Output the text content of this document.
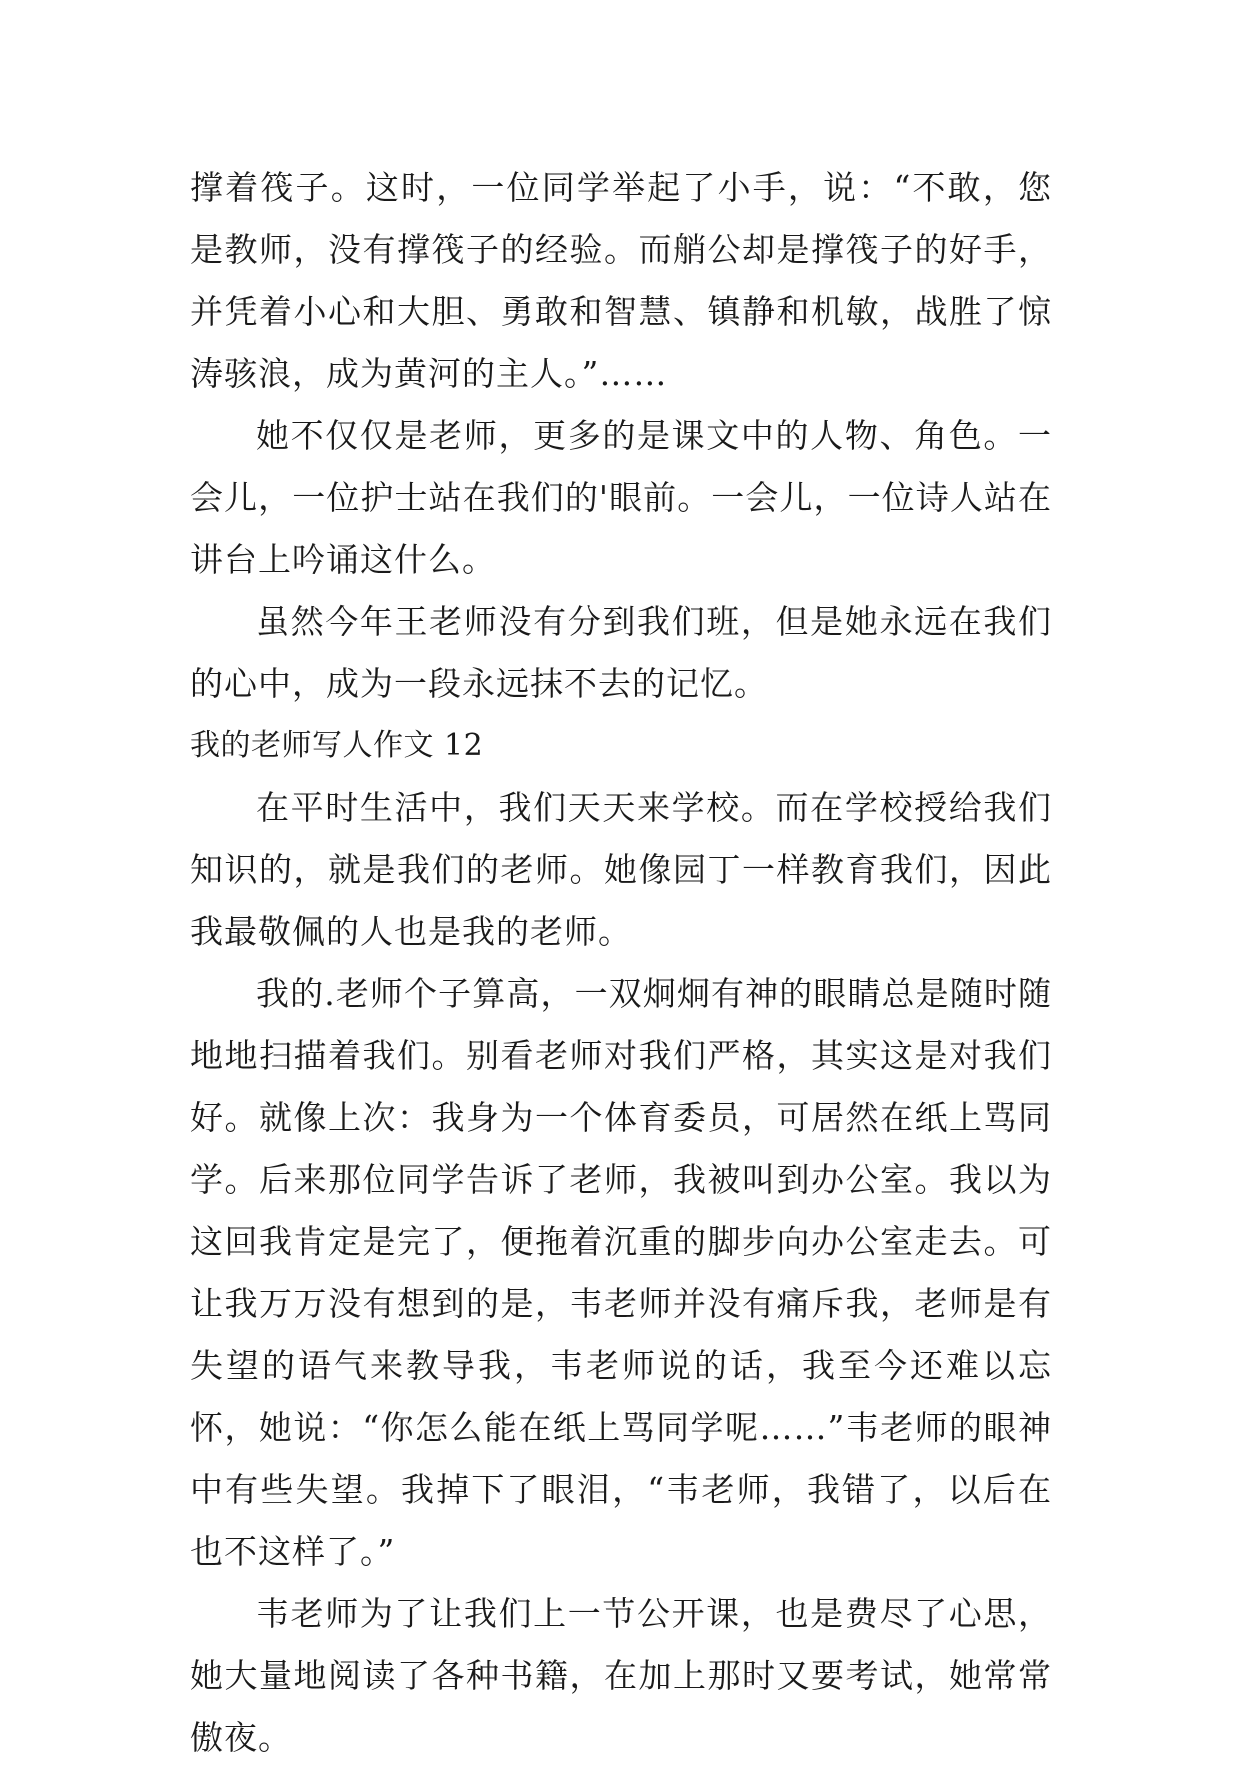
撑着筏子。这时，一位同学举起了小手，说：“不敢，您是教师，没有撑筏子的经验。而艄公却是撑筏子的好手，并凭着小心和大胆、勇敢和智慧、镇静和机敏，战胜了惊涛骇浪，成为黄河的主人。”……

她不仅仅是老师，更多的是课文中的人物、角色。一会儿，一位护士站在我们的'眼前。一会儿，一位诗人站在讲台上吟诵这什么。

虽然今年王老师没有分到我们班，但是她永远在我们的心中，成为一段永远抹不去的记忆。

我的老师写人作文 12

在平时生活中，我们天天来学校。而在学校授给我们知识的，就是我们的老师。她像园丁一样教育我们，因此我最敬佩的人也是我的老师。

我的.老师个子算高，一双炯炯有神的眼睛总是随时随地地扫描着我们。别看老师对我们严格，其实这是对我们好。就像上次：我身为一个体育委员，可居然在纸上骂同学。后来那位同学告诉了老师，我被叫到办公室。我以为这回我肯定是完了，便拖着沉重的脚步向办公室走去。可让我万万没有想到的是，韦老师并没有痛斥我，老师是有失望的语气来教导我，韦老师说的话，我至今还难以忘怀，她说：“你怎么能在纸上骂同学呢……”韦老师的眼神中有些失望。我掉下了眼泪，“韦老师，我错了，以后在也不这样了。”

韦老师为了让我们上一节公开课，也是费尽了心思，她大量地阅读了各种书籍，在加上那时又要考试，她常常傲夜。
